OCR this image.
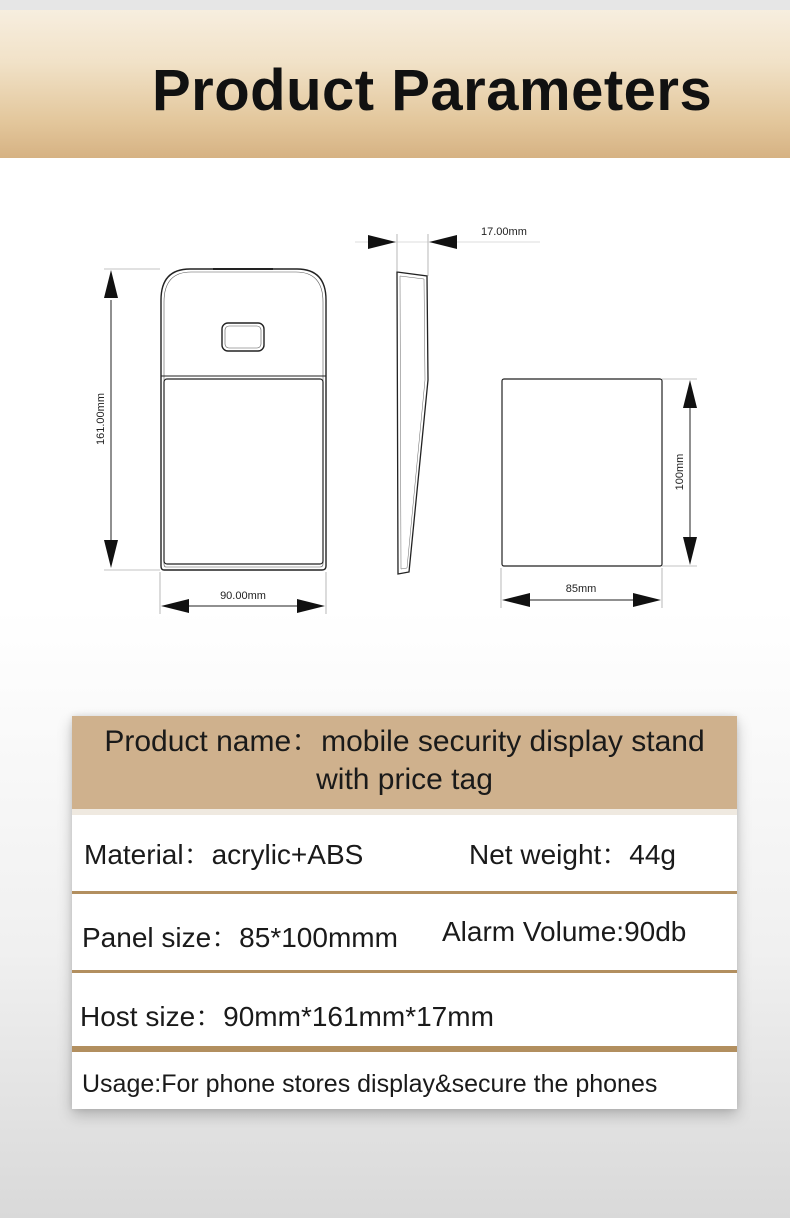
Product Parameters
161.00mm
90.00mm
17.00mm
100mm
85mm
Product name：mobile security display stand with price tag
Material：acrylic+ABS	Net weight：44g
Panel size：85*100mmm Alarm Volume:90db
Host size：90mm*161mm*17mm
Usage:For phone stores display&secure the phones
